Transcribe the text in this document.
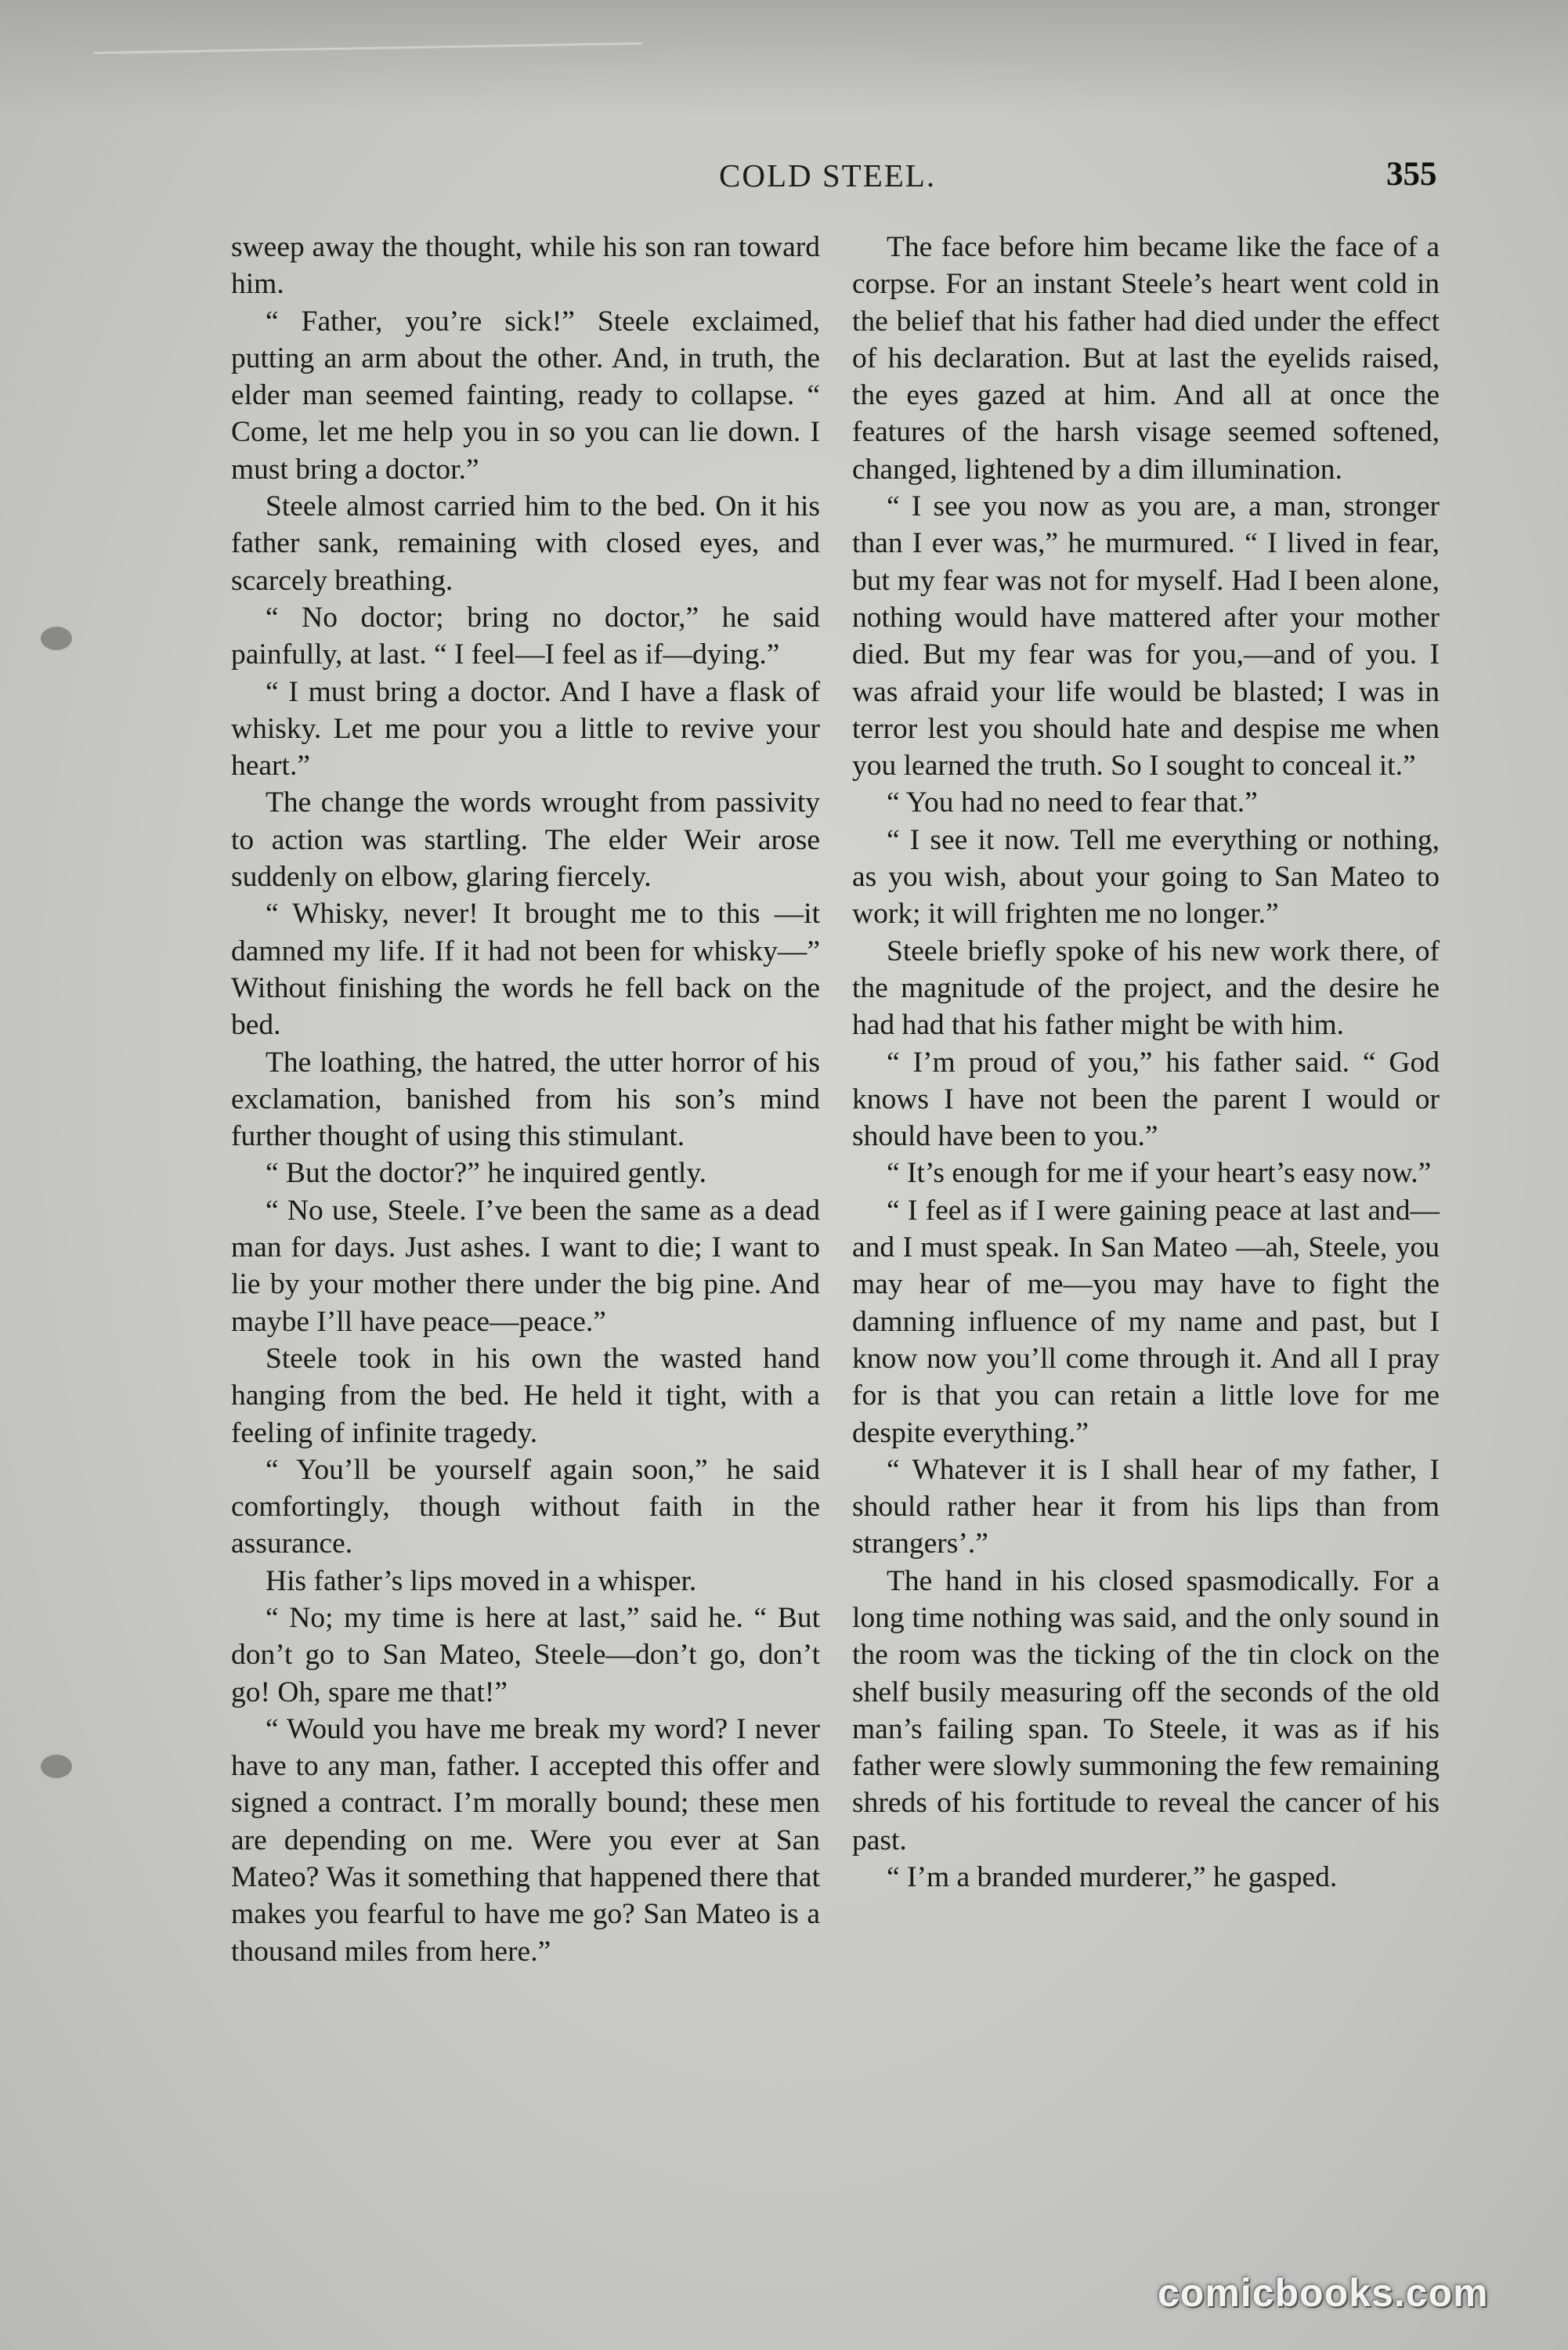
COLD STEEL.	355

sweep away the thought, while his son ran toward him.

“ Father, you’re sick!” Steele exclaimed, putting an arm about the other. And, in truth, the elder man seemed fainting, ready to collapse. “ Come, let me help you in so you can lie down. I must bring a doctor.”

Steele almost carried him to the bed. On it his father sank, remaining with closed eyes, and scarcely breathing.

“ No doctor; bring no doctor,” he said painfully, at last. “ I feel—I feel as if—dying.”

“ I must bring a doctor. And I have a flask of whisky. Let me pour you a little to revive your heart.”

The change the words wrought from passivity to action was startling. The elder Weir arose suddenly on elbow, glaring fiercely.

“ Whisky, never! It brought me to this —it damned my life. If it had not been for whisky—” Without finishing the words he fell back on the bed.

The loathing, the hatred, the utter horror of his exclamation, banished from his son’s mind further thought of using this stimulant.

“ But the doctor?” he inquired gently.

“ No use, Steele. I’ve been the same as a dead man for days. Just ashes. I want to die; I want to lie by your mother there under the big pine. And maybe I’ll have peace—peace.”

Steele took in his own the wasted hand hanging from the bed. He held it tight, with a feeling of infinite tragedy.

“ You’ll be yourself again soon,” he said comfortingly, though without faith in the assurance.

His father’s lips moved in a whisper.

“ No; my time is here at last,” said he. “ But don’t go to San Mateo, Steele—don’t go, don’t go! Oh, spare me that!”

“ Would you have me break my word? I never have to any man, father. I accepted this offer and signed a contract. I’m morally bound; these men are depending on me. Were you ever at San Mateo? Was it something that happened there that makes you fearful to have me go? San Mateo is a thousand miles from here.”

The face before him became like the face of a corpse. For an instant Steele’s heart went cold in the belief that his father had died under the effect of his declaration. But at last the eyelids raised, the eyes gazed at him. And all at once the features of the harsh visage seemed softened, changed, lightened by a dim illumination.

“ I see you now as you are, a man, stronger than I ever was,” he murmured. “ I lived in fear, but my fear was not for myself. Had I been alone, nothing would have mattered after your mother died. But my fear was for you,—and of you. I was afraid your life would be blasted; I was in terror lest you should hate and despise me when you learned the truth. So I sought to conceal it.”

“ You had no need to fear that.”

“ I see it now. Tell me everything or nothing, as you wish, about your going to San Mateo to work; it will frighten me no longer.”

Steele briefly spoke of his new work there, of the magnitude of the project, and the desire he had had that his father might be with him.

“ I’m proud of you,” his father said. “ God knows I have not been the parent I would or should have been to you.”

“ It’s enough for me if your heart’s easy now.”

“ I feel as if I were gaining peace at last and—and I must speak. In San Mateo —ah, Steele, you may hear of me—you may have to fight the damning influence of my name and past, but I know now you’ll come through it. And all I pray for is that you can retain a little love for me despite everything.”

“ Whatever it is I shall hear of my father, I should rather hear it from his lips than from strangers’.”

The hand in his closed spasmodically. For a long time nothing was said, and the only sound in the room was the ticking of the tin clock on the shelf busily measuring off the seconds of the old man’s failing span. To Steele, it was as if his father were slowly summoning the few remaining shreds of his fortitude to reveal the cancer of his past.

“ I’m a branded murderer,” he gasped.

comicbooks.com
